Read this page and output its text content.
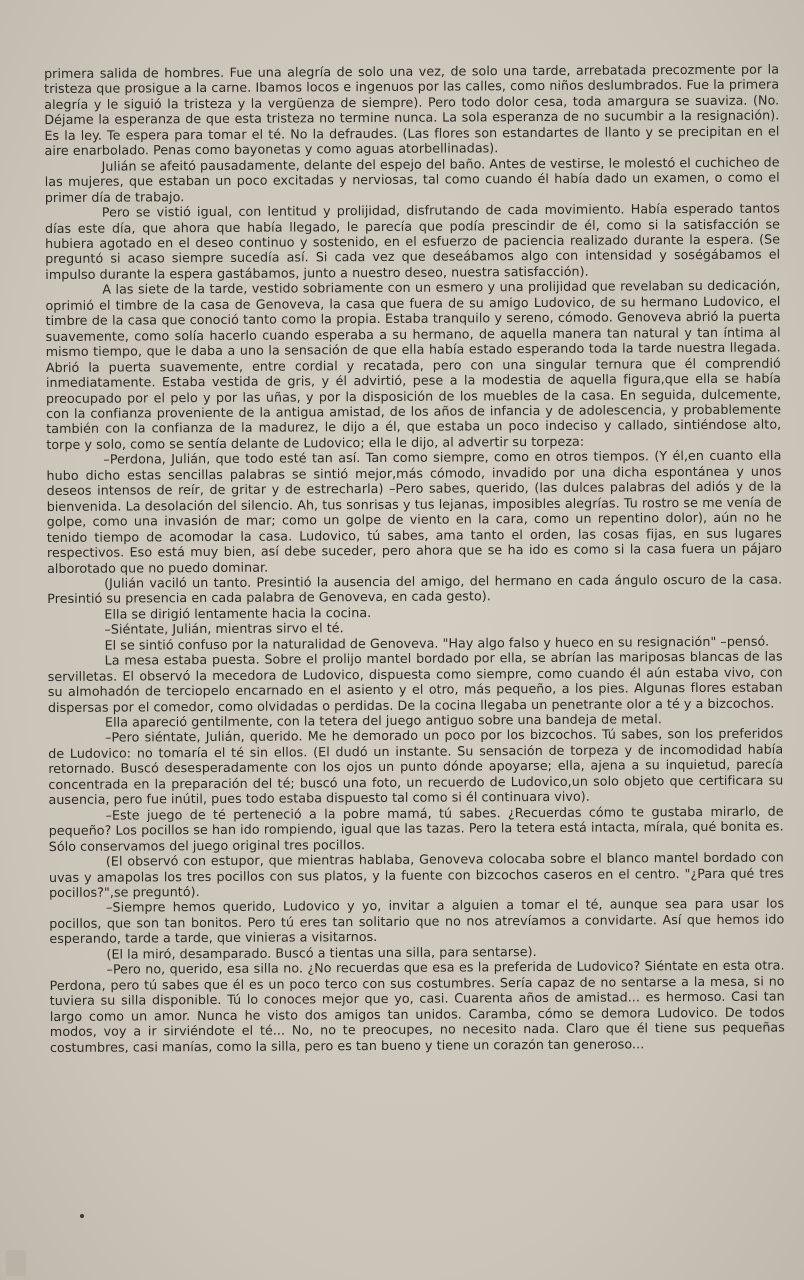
primera salida de hombres. Fue una alegría de solo una vez, de solo una tarde, arrebatada precozmente por la tristeza que prosigue a la carne. Ibamos locos e ingenuos por las calles, como niños deslumbrados. Fue la primera alegría y le siguió la tristeza y la vergüenza de siempre). Pero todo dolor cesa, toda amargura se suaviza. (No. Déjame la esperanza de que esta tristeza no termine nunca. La sola esperanza de no sucumbir a la resignación). Es la ley. Te espera para tomar el té. No la defraudes. (Las flores son estandartes de llanto y se precipitan en el aire enarbolado. Penas como bayonetas y como aguas atorbellinadas).

Julián se afeitó pausadamente, delante del espejo del baño. Antes de vestirse, le molestó el cuchicheo de las mujeres, que estaban un poco excitadas y nerviosas, tal como cuando él había dado un examen, o como el primer día de trabajo.

Pero se vistió igual, con lentitud y prolijidad, disfrutando de cada movimiento. Había esperado tantos días este día, que ahora que había llegado, le parecía que podía prescindir de él, como si la satisfacción se hubiera agotado en el deseo continuo y sostenido, en el esfuerzo de paciencia realizado durante la espera. (Se preguntó si acaso siempre sucedía así. Si cada vez que deseábamos algo con intensidad y soségábamos el impulso durante la espera gastábamos, junto a nuestro deseo, nuestra satisfacción).

A las siete de la tarde, vestido sobriamente con un esmero y una prolijidad que revelaban su dedicación, oprimió el timbre de la casa de Genoveva, la casa que fuera de su amigo Ludovico, de su hermano Ludovico, el timbre de la casa que conoció tanto como la propia. Estaba tranquilo y sereno, cómodo. Genoveva abrió la puerta suavemente, como solía hacerlo cuando esperaba a su hermano, de aquella manera tan natural y tan íntima al mismo tiempo, que le daba a uno la sensación de que ella había estado esperando toda la tarde nuestra llegada. Abrió la puerta suavemente, entre cordial y recatada, pero con una singular ternura que él comprendió inmediatamente. Estaba vestida de gris, y él advirtió, pese a la modestia de aquella figura,que ella se había preocupado por el pelo y por las uñas, y por la disposición de los muebles de la casa. En seguida, dulcemente, con la confianza proveniente de la antigua amistad, de los años de infancia y de adolescencia, y probablemente también con la confianza de la madurez, le dijo a él, que estaba un poco indeciso y callado, sintiéndose alto, torpe y solo, como se sentía delante de Ludovico; ella le dijo, al advertir su torpeza:

–Perdona, Julián, que todo esté tan así. Tan como siempre, como en otros tiempos. (Y él,en cuanto ella hubo dicho estas sencillas palabras se sintió mejor,más cómodo, invadido por una dicha espontánea y unos deseos intensos de reír, de gritar y de estrecharla) –Pero sabes, querido, (las dulces palabras del adiós y de la bienvenida. La desolación del silencio. Ah, tus sonrisas y tus lejanas, imposibles alegrías. Tu rostro se me venía de golpe, como una invasión de mar; como un golpe de viento en la cara, como un repentino dolor), aún no he tenido tiempo de acomodar la casa. Ludovico, tú sabes, ama tanto el orden, las cosas fijas, en sus lugares respectivos. Eso está muy bien, así debe suceder, pero ahora que se ha ido es como si la casa fuera un pájaro alborotado que no puedo dominar.

(Julián vaciló un tanto. Presintió la ausencia del amigo, del hermano en cada ángulo oscuro de la casa. Presintió su presencia en cada palabra de Genoveva, en cada gesto).

Ella se dirigió lentamente hacia la cocina.

–Siéntate, Julián, mientras sirvo el té.

El se sintió confuso por la naturalidad de Genoveva. "Hay algo falso y hueco en su resignación" –pensó.

La mesa estaba puesta. Sobre el prolijo mantel bordado por ella, se abrían las mariposas blancas de las servilletas. El observó la mecedora de Ludovico, dispuesta como siempre, como cuando él aún estaba vivo, con su almohadón de terciopelo encarnado en el asiento y el otro, más pequeño, a los pies. Algunas flores estaban dispersas por el comedor, como olvidadas o perdidas. De la cocina llegaba un penetrante olor a té y a bizcochos.

Ella apareció gentilmente, con la tetera del juego antiguo sobre una bandeja de metal.

–Pero siéntate, Julián, querido. Me he demorado un poco por los bizcochos. Tú sabes, son los preferidos de Ludovico: no tomaría el té sin ellos. (El dudó un instante. Su sensación de torpeza y de incomodidad había retornado. Buscó desesperadamente con los ojos un punto dónde apoyarse; ella, ajena a su inquietud, parecía concentrada en la preparación del té; buscó una foto, un recuerdo de Ludovico,un solo objeto que certificara su ausencia, pero fue inútil, pues todo estaba dispuesto tal como si él continuara vivo).

–Este juego de té perteneció a la pobre mamá, tú sabes. ¿Recuerdas cómo te gustaba mirarlo, de pequeño? Los pocillos se han ido rompiendo, igual que las tazas. Pero la tetera está intacta, mírala, qué bonita es. Sólo conservamos del juego original tres pocillos.

(El observó con estupor, que mientras hablaba, Genoveva colocaba sobre el blanco mantel bordado con uvas y amapolas los tres pocillos con sus platos, y la fuente con bizcochos caseros en el centro. "¿Para qué tres pocillos?",se preguntó).

–Siempre hemos querido, Ludovico y yo, invitar a alguien a tomar el té, aunque sea para usar los pocillos, que son tan bonitos. Pero tú eres tan solitario que no nos atrevíamos a convidarte. Así que hemos ido esperando, tarde a tarde, que vinieras a visitarnos.

(El la miró, desamparado. Buscó a tientas una silla, para sentarse).

–Pero no, querido, esa silla no. ¿No recuerdas que esa es la preferida de Ludovico? Siéntate en esta otra. Perdona, pero tú sabes que él es un poco terco con sus costumbres. Sería capaz de no sentarse a la mesa, si no tuviera su silla disponible. Tú lo conoces mejor que yo, casi. Cuarenta años de amistad... es hermoso. Casi tan largo como un amor. Nunca he visto dos amigos tan unidos. Caramba, cómo se demora Ludovico. De todos modos, voy a ir sirviéndote el té... No, no te preocupes, no necesito nada. Claro que él tiene sus pequeñas costumbres, casi manías, como la silla, pero es tan bueno y tiene un corazón tan generoso...
